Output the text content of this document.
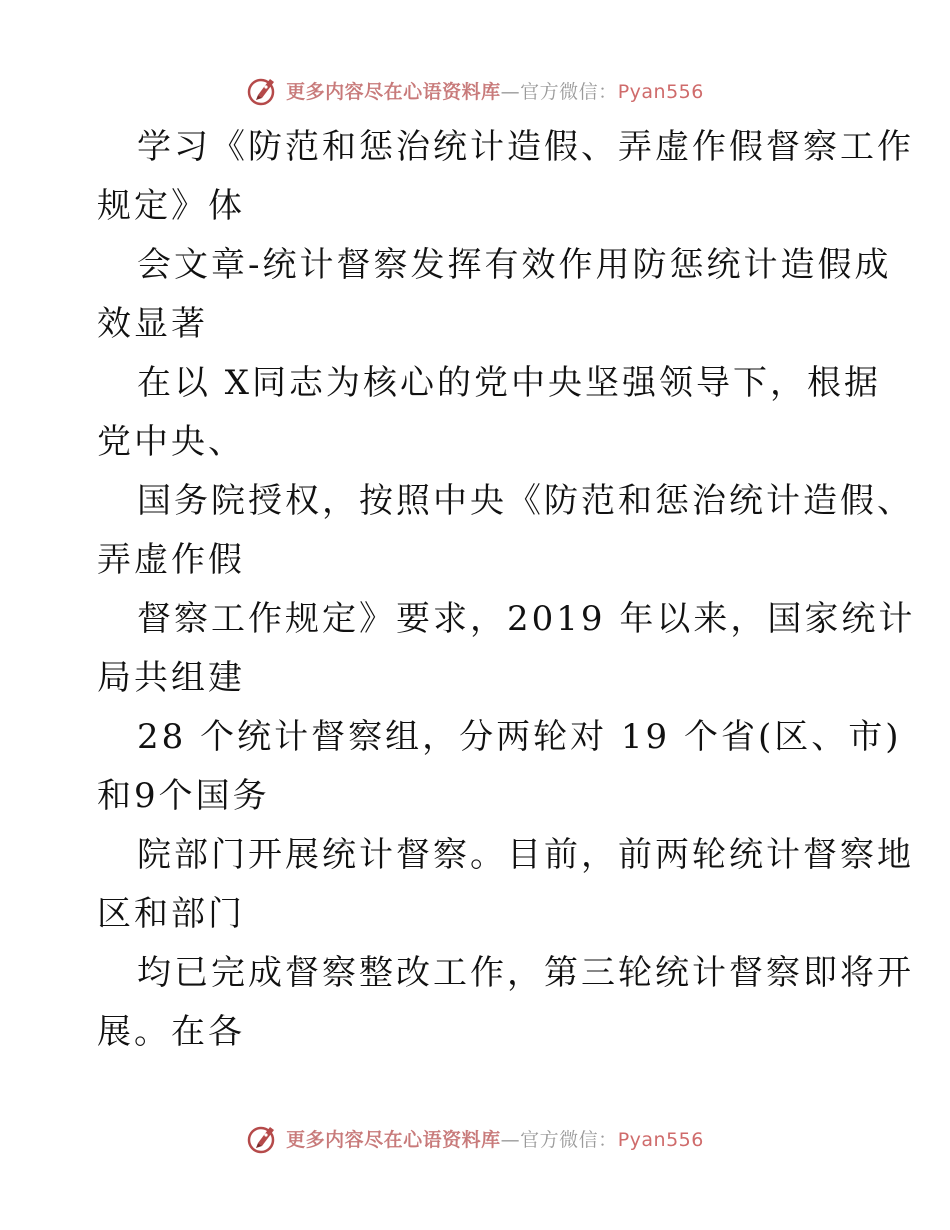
更多内容尽在心语资料库—官方微信：Pyan556

学习《防范和惩治统计造假、弄虚作假督察工作
规定》体

会文章-统计督察发挥有效作用防惩统计造假成
效显著

在以 X同志为核心的党中央坚强领导下，根据
党中央、

国务院授权，按照中央《防范和惩治统计造假、
弄虚作假

督察工作规定》要求，2019 年以来，国家统计
局共组建

28 个统计督察组，分两轮对 19 个省(区、市)
和9个国务

院部门开展统计督察。目前，前两轮统计督察地
区和部门

均已完成督察整改工作，第三轮统计督察即将开
展。在各

更多内容尽在心语资料库—官方微信：Pyan556
